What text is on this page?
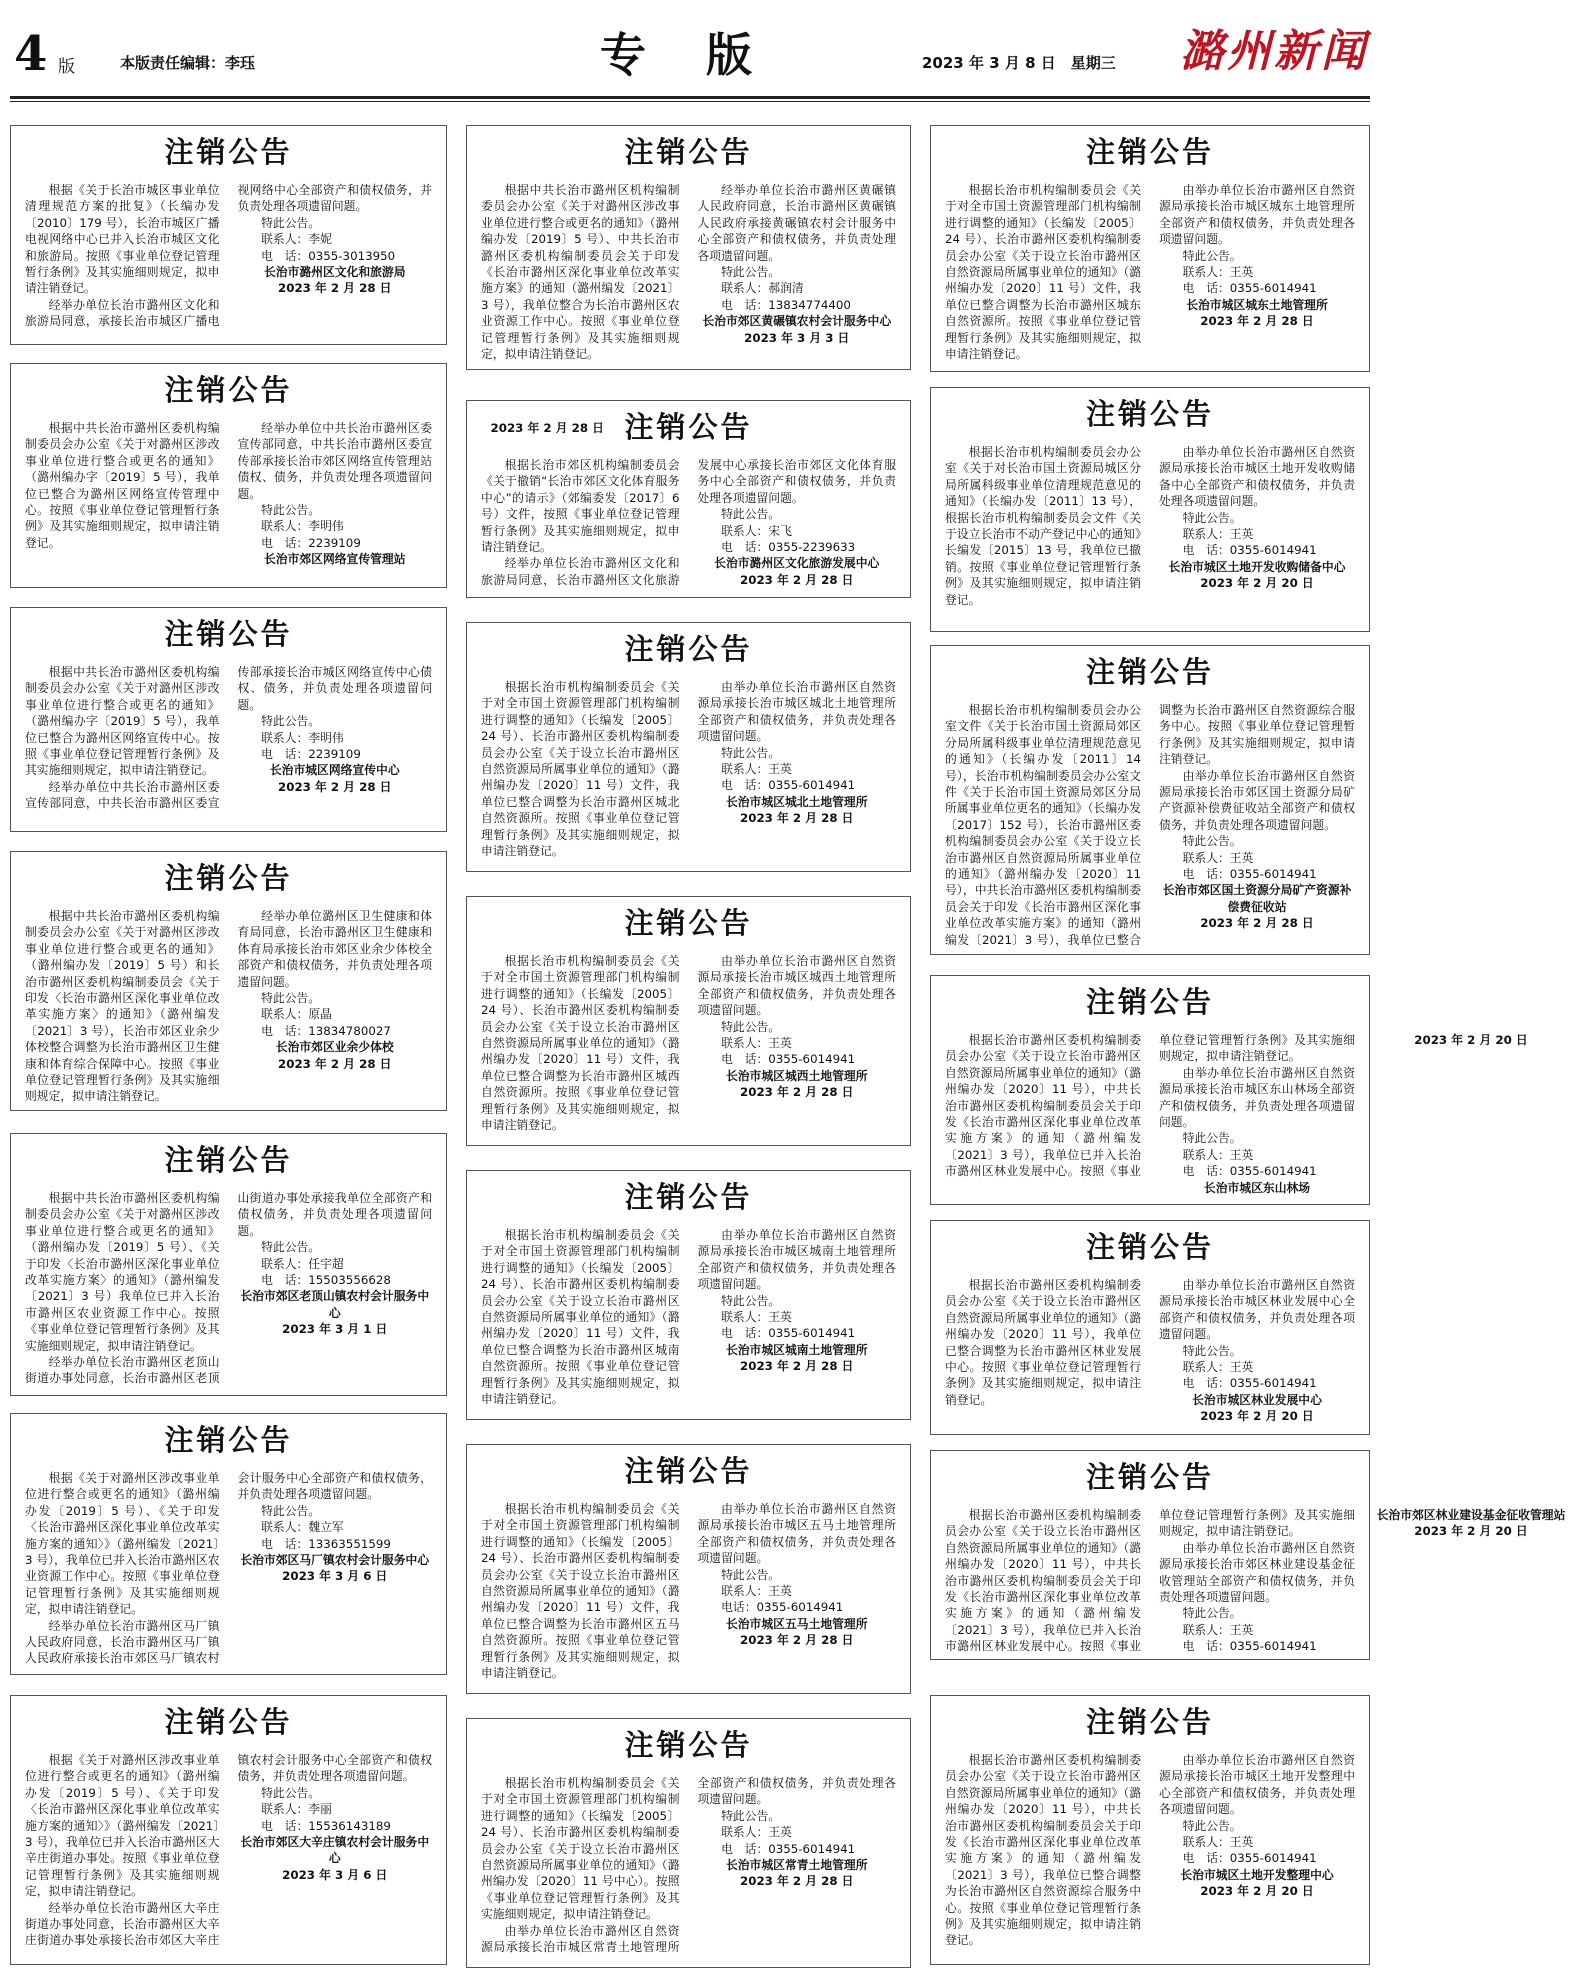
4 版	本版责任编辑：李珏	专 版	2023 年 3 月 8 日　星期三 潞州新闻
注销公告

根据《关于长治市城区事业单位清理规范方案的批复》（长编办发〔2010〕179 号），长治市城区广播电视网络中心已并入长治市城区文化和旅游局。按照《事业单位登记管理暂行条例》及其实施细则规定，拟申请注销登记。

经举办单位长治市潞州区文化和旅游局同意，承接长治市城区广播电视网络中心全部资产和债权债务，并负责处理各项遗留问题。

特此公告。

联系人：李妮

电　话：0355-3013950

长治市潞州区文化和旅游局

2023 年 2 月 28 日

注销公告

根据中共长治市潞州区委机构编制委员会办公室《关于对潞州区涉改事业单位进行整合或更名的通知》（潞州编办字〔2019〕5 号），我单位已整合为潞州区网络宣传管理中心。按照《事业单位登记管理暂行条例》及其实施细则规定，拟申请注销登记。

经举办单位中共长治市潞州区委宣传部同意，中共长治市潞州区委宣传部承接长治市郊区网络宣传管理站债权、债务，并负责处理各项遗留问题。

特此公告。

联系人：李明伟

电　话：2239109

长治市郊区网络宣传管理站

2023 年 2 月 28 日

注销公告

根据中共长治市潞州区委机构编制委员会办公室《关于对潞州区涉改事业单位进行整合或更名的通知》（潞州编办字〔2019〕5 号），我单位已整合为潞州区网络宣传中心。按照《事业单位登记管理暂行条例》及其实施细则规定，拟申请注销登记。

经举办单位中共长治市潞州区委宣传部同意，中共长治市潞州区委宣传部承接长治市城区网络宣传中心债权、债务，并负责处理各项遗留问题。

特此公告。

联系人：李明伟

电　话：2239109

长治市城区网络宣传中心

2023 年 2 月 28 日

注销公告

根据中共长治市潞州区委机构编制委员会办公室《关于对潞州区涉改事业单位进行整合或更名的通知》（潞州编办发〔2019〕5 号）和长治市潞州区委机构编制委员会《关于印发〈长治市潞州区深化事业单位改革实施方案〉的通知》（潞州编发〔2021〕3 号），长治市郊区业余少体校整合调整为长治市潞州区卫生健康和体育综合保障中心。按照《事业单位登记管理暂行条例》及其实施细则规定，拟申请注销登记。

经举办单位潞州区卫生健康和体育局同意，长治市潞州区卫生健康和体育局承接长治市郊区业余少体校全部资产和债权债务，并负责处理各项遗留问题。

特此公告。

联系人：原晶

电　话：13834780027

长治市郊区业余少体校

2023 年 2 月 28 日

注销公告

根据中共长治市潞州区委机构编制委员会办公室《关于对潞州区涉改事业单位进行整合或更名的通知》（潞州编办发〔2019〕5 号）、《关于印发〈长治市潞州区深化事业单位改革实施方案〉的通知》（潞州编发〔2021〕3 号）我单位已并入长治市潞州区农业资源工作中心。按照《事业单位登记管理暂行条例》及其实施细则规定，拟申请注销登记。

经举办单位长治市潞州区老顶山街道办事处同意，长治市潞州区老顶山街道办事处承接我单位全部资产和债权债务，并负责处理各项遗留问题。

特此公告。

联系人：任宇超

电　话：15503556628

长治市郊区老顶山镇农村会计服务中心

2023 年 3 月 1 日

注销公告

根据《关于对潞州区涉改事业单位进行整合或更名的通知》（潞州编办发〔2019〕5 号）、《关于印发〈长治市潞州区深化事业单位改革实施方案的通知〉》（潞州编发〔2021〕3 号），我单位已并入长治市潞州区农业资源工作中心。按照《事业单位登记管理暂行条例》及其实施细则规定，拟申请注销登记。

经举办单位长治市潞州区马厂镇人民政府同意，长治市潞州区马厂镇人民政府承接长治市郊区马厂镇农村会计服务中心全部资产和债权债务，并负责处理各项遗留问题。

特此公告。

联系人：魏立军

电　话：13363551599

长治市郊区马厂镇农村会计服务中心

2023 年 3 月 6 日

注销公告

根据《关于对潞州区涉改事业单位进行整合或更名的通知》（潞州编办发〔2019〕5 号）、《关于印发〈长治市潞州区深化事业单位改革实施方案的通知〉》（潞州编发〔2021〕3 号），我单位已并入长治市潞州区大辛庄街道办事处。按照《事业单位登记管理暂行条例》及其实施细则规定，拟申请注销登记。

经举办单位长治市潞州区大辛庄街道办事处同意，长治市潞州区大辛庄街道办事处承接长治市郊区大辛庄镇农村会计服务中心全部资产和债权债务，并负责处理各项遗留问题。

特此公告。

联系人：李丽

电　话：15536143189

长治市郊区大辛庄镇农村会计服务中心

2023 年 3 月 6 日

注销公告

根据中共长治市潞州区机构编制委员会办公室《关于对潞州区涉改事业单位进行整合或更名的通知》（潞州编办发〔2019〕5 号）、中共长治市潞州区委机构编制委员会关于印发《长治市潞州区深化事业单位改革实施方案》的通知（潞州编发〔2021〕3 号），我单位整合为长治市潞州区农业资源工作中心。按照《事业单位登记管理暂行条例》及其实施细则规定，拟申请注销登记。

经举办单位长治市潞州区黄碾镇人民政府同意，长治市潞州区黄碾镇人民政府承接黄碾镇农村会计服务中心全部资产和债权债务，并负责处理各项遗留问题。

特此公告。

联系人：郝润清

电　话：13834774400

长治市郊区黄碾镇农村会计服务中心

2023 年 3 月 3 日

注销公告

根据长治市郊区机构编制委员会《关于撤销“长治市郊区文化体育服务中心”的请示》（郊编委发〔2017〕6 号）文件，按照《事业单位登记管理暂行条例》及其实施细则规定，拟申请注销登记。

经举办单位长治市潞州区文化和旅游局同意，长治市潞州区文化旅游发展中心承接长治市郊区文化体育服务中心全部资产和债权债务，并负责处理各项遗留问题。

特此公告。

联系人：宋飞

电　话：0355-2239633

长治市潞州区文化旅游发展中心

2023 年 2 月 28 日

注销公告

根据长治市机构编制委员会《关于对全市国土资源管理部门机构编制进行调整的通知》（长编发〔2005〕24 号）、长治市潞州区委机构编制委员会办公室《关于设立长治市潞州区自然资源局所属事业单位的通知》（潞州编办发〔2020〕11 号）文件，我单位已整合调整为长治市潞州区城北自然资源所。按照《事业单位登记管理暂行条例》及其实施细则规定，拟申请注销登记。

由举办单位长治市潞州区自然资源局承接长治市城区城北土地管理所全部资产和债权债务，并负责处理各项遗留问题。

特此公告。

联系人：王英

电　话：0355-6014941

长治市城区城北土地管理所

2023 年 2 月 28 日

注销公告

根据长治市机构编制委员会《关于对全市国土资源管理部门机构编制进行调整的通知》（长编发〔2005〕24 号）、长治市潞州区委机构编制委员会办公室《关于设立长治市潞州区自然资源局所属事业单位的通知》（潞州编办发〔2020〕11 号）文件，我单位已整合调整为长治市潞州区城西自然资源所。按照《事业单位登记管理暂行条例》及其实施细则规定，拟申请注销登记。

由举办单位长治市潞州区自然资源局承接长治市城区城西土地管理所全部资产和债权债务，并负责处理各项遗留问题。

特此公告。

联系人：王英

电　话：0355-6014941

长治市城区城西土地管理所

2023 年 2 月 28 日

注销公告

根据长治市机构编制委员会《关于对全市国土资源管理部门机构编制进行调整的通知》（长编发〔2005〕24 号）、长治市潞州区委机构编制委员会办公室《关于设立长治市潞州区自然资源局所属事业单位的通知》（潞州编办发〔2020〕11 号）文件，我单位已整合调整为长治市潞州区城南自然资源所。按照《事业单位登记管理暂行条例》及其实施细则规定，拟申请注销登记。

由举办单位长治市潞州区自然资源局承接长治市城区城南土地管理所全部资产和债权债务，并负责处理各项遗留问题。

特此公告。

联系人：王英

电　话：0355-6014941

长治市城区城南土地管理所

2023 年 2 月 28 日

注销公告

根据长治市机构编制委员会《关于对全市国土资源管理部门机构编制进行调整的通知》（长编发〔2005〕24 号）、长治市潞州区委机构编制委员会办公室《关于设立长治市潞州区自然资源局所属事业单位的通知》（潞州编办发〔2020〕11 号）文件，我单位已整合调整为长治市潞州区五马自然资源所。按照《事业单位登记管理暂行条例》及其实施细则规定，拟申请注销登记。

由举办单位长治市潞州区自然资源局承接长治市城区五马土地管理所全部资产和债权债务，并负责处理各项遗留问题。

特此公告。

联系人：王英

电话：0355-6014941

长治市城区五马土地管理所

2023 年 2 月 28 日

注销公告

根据长治市机构编制委员会《关于对全市国土资源管理部门机构编制进行调整的通知》（长编发〔2005〕24 号）、长治市潞州区委机构编制委员会办公室《关于设立长治市潞州区自然资源局所属事业单位的通知》（潞州编办发〔2020〕11 号中心）。按照《事业单位登记管理暂行条例》及其实施细则规定，拟申请注销登记。

由举办单位长治市潞州区自然资源局承接长治市城区常青土地管理所全部资产和债权债务，并负责处理各项遗留问题。

特此公告。

联系人：王英

电　话：0355-6014941

长治市城区常青土地管理所

2023 年 2 月 28 日

注销公告

根据长治市机构编制委员会《关于对全市国土资源管理部门机构编制进行调整的通知》（长编发〔2005〕24 号）、长治市潞州区委机构编制委员会办公室《关于设立长治市潞州区自然资源局所属事业单位的通知》（潞州编办发〔2020〕11 号）文件，我单位已整合调整为长治市潞州区城东自然资源所。按照《事业单位登记管理暂行条例》及其实施细则规定，拟申请注销登记。

由举办单位长治市潞州区自然资源局承接长治市城区城东土地管理所全部资产和债权债务，并负责处理各项遗留问题。

特此公告。

联系人：王英

电　话：0355-6014941

长治市城区城东土地管理所

2023 年 2 月 28 日

注销公告

根据长治市机构编制委员会办公室《关于对长治市国土资源局城区分局所属科级事业单位清理规范意见的通知》（长编办发〔2011〕13 号），根据长治市机构编制委员会文件《关于设立长治市不动产登记中心的通知》长编发〔2015〕13 号，我单位已撤销。按照《事业单位登记管理暂行条例》及其实施细则规定，拟申请注销登记。

由举办单位长治市潞州区自然资源局承接长治市城区土地开发收购储备中心全部资产和债权债务，并负责处理各项遗留问题。

特此公告。

联系人：王英

电　话：0355-6014941

长治市城区土地开发收购储备中心

2023 年 2 月 20 日

注销公告

根据长治市机构编制委员会办公室文件《关于长治市国土资源局郊区分局所属科级事业单位清理规范意见的通知》（长编办发〔2011〕14 号），长治市机构编制委员会办公室文件《关于长治市国土资源局郊区分局所属事业单位更名的通知》（长编办发〔2017〕152 号），长治市潞州区委机构编制委员会办公室《关于设立长治市潞州区自然资源局所属事业单位的通知》（潞州编办发〔2020〕11 号），中共长治市潞州区委机构编制委员会关于印发《长治市潞州区深化事业单位改革实施方案》的通知（潞州编发〔2021〕3 号），我单位已整合调整为长治市潞州区自然资源综合服务中心。按照《事业单位登记管理暂行条例》及其实施细则规定，拟申请注销登记。

由举办单位长治市潞州区自然资源局承接长治市郊区国土资源分局矿产资源补偿费征收站全部资产和债权债务，并负责处理各项遗留问题。

特此公告。

联系人：王英

电　话：0355-6014941

长治市郊区国土资源分局矿产资源补偿费征收站

2023 年 2 月 28 日

注销公告

根据长治市潞州区委机构编制委员会办公室《关于设立长治市潞州区自然资源局所属事业单位的通知》（潞州编办发〔2020〕11 号），中共长治市潞州区委机构编制委员会关于印发《长治市潞州区深化事业单位改革实施方案》的通知（潞州编发〔2021〕3 号），我单位已并入长治市潞州区林业发展中心。按照《事业单位登记管理暂行条例》及其实施细则规定，拟申请注销登记。

由举办单位长治市潞州区自然资源局承接长治市城区东山林场全部资产和债权债务，并负责处理各项遗留问题。

特此公告。

联系人：王英

电　话：0355-6014941

长治市城区东山林场

2023 年 2 月 20 日

注销公告

根据长治市潞州区委机构编制委员会办公室《关于设立长治市潞州区自然资源局所属事业单位的通知》（潞州编办发〔2020〕11 号），我单位已整合调整为长治市潞州区林业发展中心。按照《事业单位登记管理暂行条例》及其实施细则规定，拟申请注销登记。

由举办单位长治市潞州区自然资源局承接长治市城区林业发展中心全部资产和债权债务，并负责处理各项遗留问题。

特此公告。

联系人：王英

电　话：0355-6014941

长治市城区林业发展中心

2023 年 2 月 20 日

注销公告

根据长治市潞州区委机构编制委员会办公室《关于设立长治市潞州区自然资源局所属事业单位的通知》（潞州编办发〔2020〕11 号），中共长治市潞州区委机构编制委员会关于印发《长治市潞州区深化事业单位改革实施方案》的通知（潞州编发〔2021〕3 号），我单位已并入长治市潞州区林业发展中心。按照《事业单位登记管理暂行条例》及其实施细则规定，拟申请注销登记。

由举办单位长治市潞州区自然资源局承接长治市郊区林业建设基金征收管理站全部资产和债权债务，并负责处理各项遗留问题。

特此公告。

联系人：王英

电　话：0355-6014941

长治市郊区林业建设基金征收管理站

2023 年 2 月 20 日

注销公告

根据长治市潞州区委机构编制委员会办公室《关于设立长治市潞州区自然资源局所属事业单位的通知》（潞州编办发〔2020〕11 号），中共长治市潞州区委机构编制委员会关于印发《长治市潞州区深化事业单位改革实施方案》的通知（潞州编发〔2021〕3 号），我单位已整合调整为长治市潞州区自然资源综合服务中心。按照《事业单位登记管理暂行条例》及其实施细则规定，拟申请注销登记。

由举办单位长治市潞州区自然资源局承接长治市城区土地开发整理中心全部资产和债权债务，并负责处理各项遗留问题。

特此公告。

联系人：王英

电　话：0355-6014941

长治市城区土地开发整理中心

2023 年 2 月 20 日
